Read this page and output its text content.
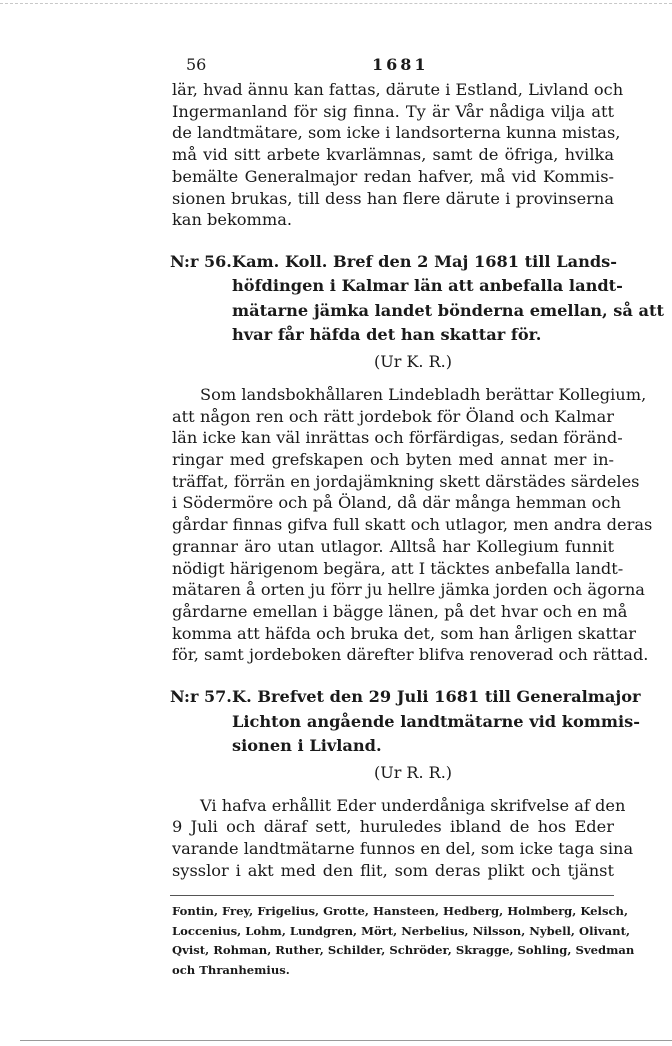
56	1681

lär, hvad ännu kan fattas, därute i Estland, Livland och
Ingermanland för sig finna. Ty är Vår nådiga vilja att
de landtmätare, som icke i landsorterna kunna mistas,
må vid sitt arbete kvarlämnas, samt de öfriga, hvilka
bemälte Generalmajor redan hafver, må vid Kommis-
sionen brukas, till dess han flere därute i provinserna
kan bekomma.

N:r 56. Kam. Koll. Bref den 2 Maj 1681 till Lands-
höfdingen i Kalmar län att anbefalla landt-
mätarne jämka landet bönderna emellan, så att
hvar får häfda det han skattar för.
(Ur K. R.)

Som landsbokhållaren Lindebladh berättar Kollegium,
att någon ren och rätt jordebok för Öland och Kalmar
län icke kan väl inrättas och förfärdigas, sedan föränd-
ringar med grefskapen och byten med annat mer in-
träffat, förrän en jordajämkning skett därstädes särdeles
i Södermöre och på Öland, då där många hemman och
gårdar finnas gifva full skatt och utlagor, men andra deras
grannar äro utan utlagor. Alltså har Kollegium funnit
nödigt härigenom begära, att I täcktes anbefalla landt-
mätaren å orten ju förr ju hellre jämka jorden och ägorna
gårdarne emellan i bägge länen, på det hvar och en må
komma att häfda och bruka det, som han årligen skattar
för, samt jordeboken därefter blifva renoverad och rättad.

N:r 57. K. Brefvet den 29 Juli 1681 till Generalmajor
Lichton angående landtmätarne vid kommis-
sionen i Livland.
(Ur R. R.)

Vi hafva erhållit Eder underdåniga skrifvelse af den
9 Juli och däraf sett, huruledes ibland de hos Eder
varande landtmätarne funnos en del, som icke taga sina
sysslor i akt med den flit, som deras plikt och tjänst

Fontin, Frey, Frigelius, Grotte, Hansteen, Hedberg, Holmberg, Kelsch,
Loccenius, Lohm, Lundgren, Mört, Nerbelius, Nilsson, Nybell, Olivant,
Qvist, Rohman, Ruther, Schilder, Schröder, Skragge, Sohling, Svedman
och Thranhemius.
